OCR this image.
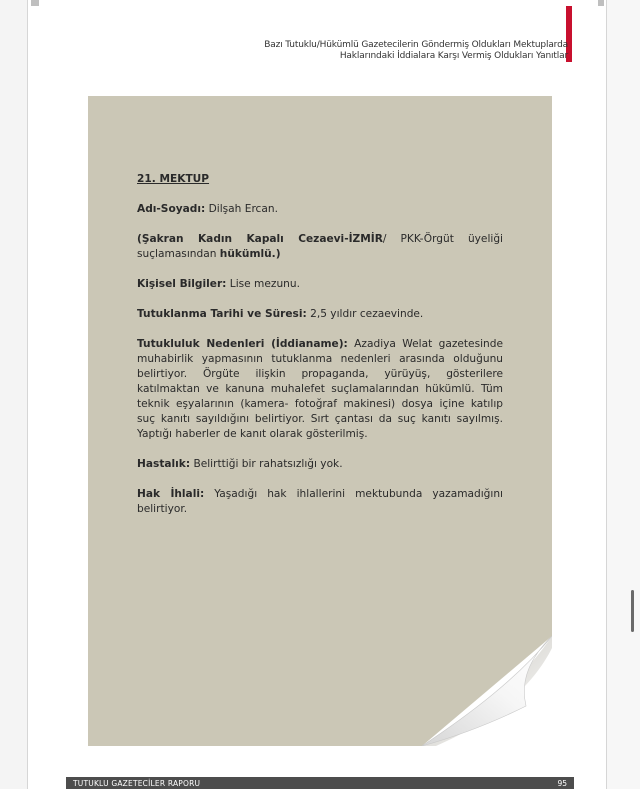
Bazı Tutuklu/Hükümlü Gazetecilerin Göndermiş Oldukları Mektuplarda
Haklarındaki İddialara Karşı Vermiş Oldukları Yanıtlar

21. MEKTUP

Adı-Soyadı: Dilşah Ercan.

(Şakran Kadın Kapalı Cezaevi-İZMİR/ PKK-Örgüt üyeliği suçlamasından hükümlü.)

Kişisel Bilgiler: Lise mezunu.

Tutuklanma Tarihi ve Süresi: 2,5 yıldır cezaevinde.

Tutukluluk Nedenleri (İddianame): Azadiya Welat gazetesinde muhabirlik yapmasının tutuklanma nedenleri arasında olduğunu belirtiyor. Örgüte ilişkin propaganda, yürüyüş, gösterilere katılmaktan ve kanuna muhalefet suçlamalarından hükümlü. Tüm teknik eşyalarının (kamera- fotoğraf makinesi) dosya içine katılıp suç kanıtı sayıldığını belirtiyor. Sırt çantası da suç kanıtı sayılmış. Yaptığı haberler de kanıt olarak gösterilmiş.

Hastalık: Belirttiği bir rahatsızlığı yok.

Hak İhlali: Yaşadığı hak ihlallerini mektubunda yazamadığını belirtiyor.

TUTUKLU GAZETECİLER RAPORU	95
